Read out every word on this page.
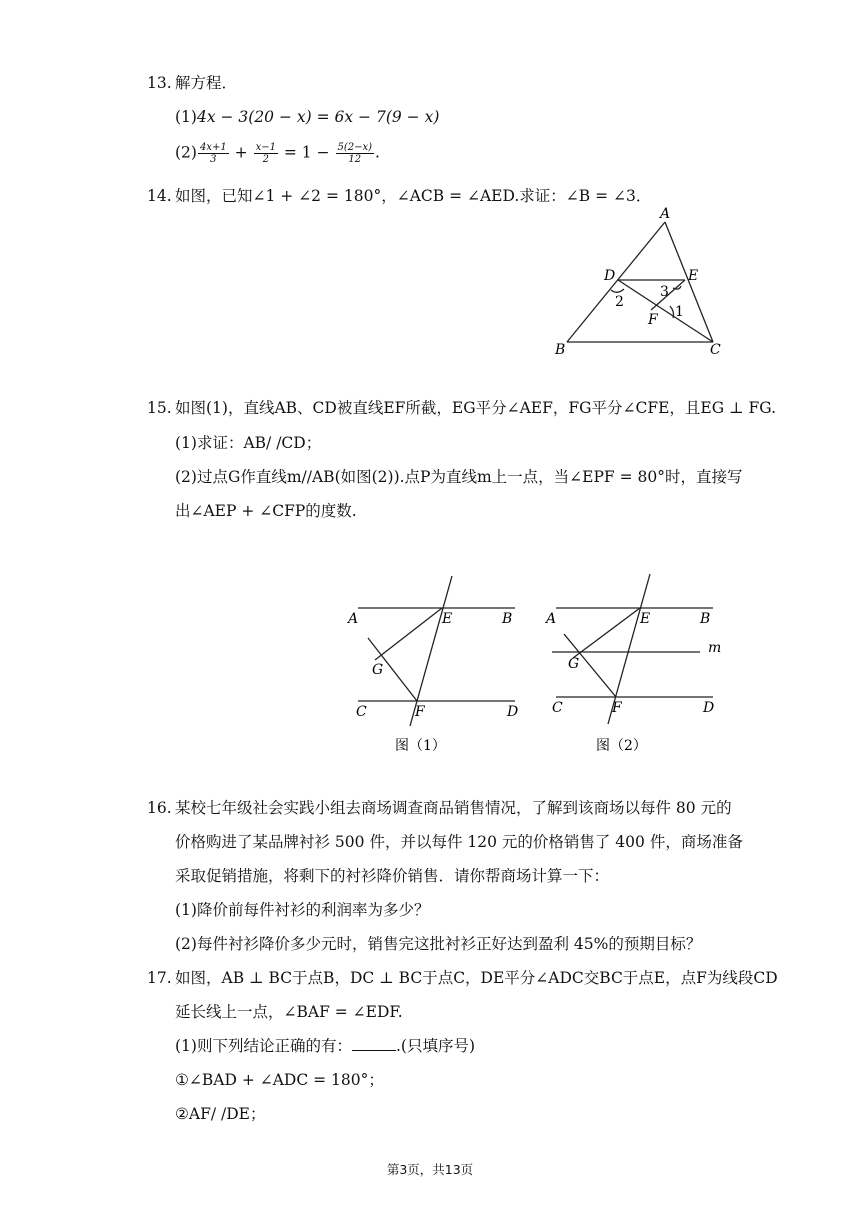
13. 解方程．
(1)4x − 3(20 − x) = 6x − 7(9 − x)
$(2) \frac{4x+1}{3} + \frac{x-1}{2} = 1 - \frac{5(2-x)}{12}$ .
14. 如图，已知∠1 + ∠2 = 180°，∠ACB = ∠AED.求证：∠B = ∠3．
A
D	E
2
3
1
F
B	C
15. 如图(1)，直线AB、CD被直线EF所截，EG平分∠AEF，FG平分∠CFE，且EG ⊥ FG.
(1)求证：AB/ /CD；
(2)过点G作直线m//AB(如图(2)).点P为直线m上一点，当∠EPF = 80°时，直接写
出∠AEP + ∠CFP的度数.
A	E	B
G
C	F	D
图（1）
A	E	B
m
G
C	F	D
图（2）
16. 某校七年级社会实践小组去商场调查商品销售情况，了解到该商场以每件 80 元的
价格购进了某品牌衬衫 500 件，并以每件 120 元的价格销售了 400 件，商场准备
采取促销措施，将剩下的衬衫降价销售．请你帮商场计算一下：
(1)降价前每件衬衫的利润率为多少？
(2)每件衬衫降价多少元时，销售完这批衬衫正好达到盈利 45%的预期目标？
17. 如图，AB ⊥ BC于点B，DC ⊥ BC于点C，DE平分∠ADC交BC于点E，点F为线段CD
延长线上一点，∠BAF = ∠EDF.
(1)则下列结论正确的有：	.(只填序号)
①∠BAD + ∠ADC = 180°；
②AF/ /DE；
第3页，共13页
